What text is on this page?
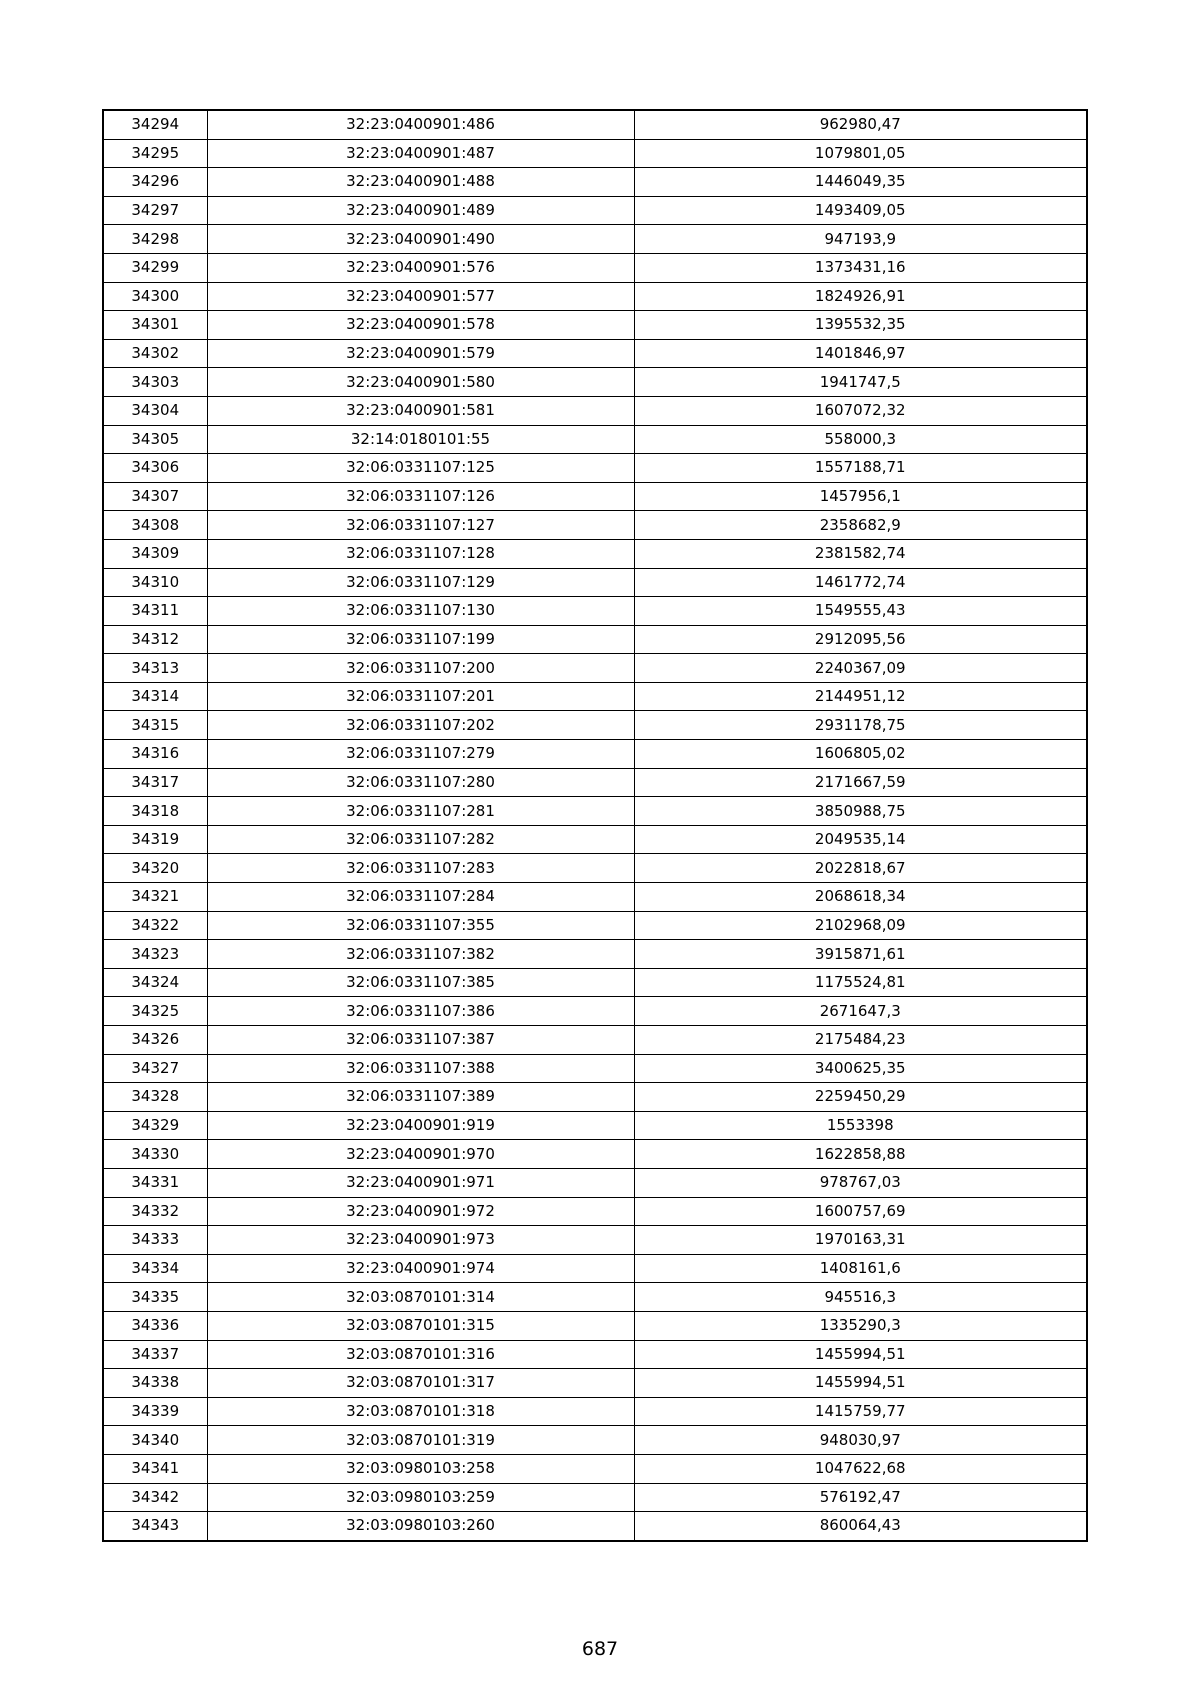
34294	32:23:0400901:486	962980,47
34295	32:23:0400901:487	1079801,05
34296	32:23:0400901:488	1446049,35
34297	32:23:0400901:489	1493409,05
34298	32:23:0400901:490	947193,9
34299	32:23:0400901:576	1373431,16
34300	32:23:0400901:577	1824926,91
34301	32:23:0400901:578	1395532,35
34302	32:23:0400901:579	1401846,97
34303	32:23:0400901:580	1941747,5
34304	32:23:0400901:581	1607072,32
34305	32:14:0180101:55	558000,3
34306	32:06:0331107:125	1557188,71
34307	32:06:0331107:126	1457956,1
34308	32:06:0331107:127	2358682,9
34309	32:06:0331107:128	2381582,74
34310	32:06:0331107:129	1461772,74
34311	32:06:0331107:130	1549555,43
34312	32:06:0331107:199	2912095,56
34313	32:06:0331107:200	2240367,09
34314	32:06:0331107:201	2144951,12
34315	32:06:0331107:202	2931178,75
34316	32:06:0331107:279	1606805,02
34317	32:06:0331107:280	2171667,59
34318	32:06:0331107:281	3850988,75
34319	32:06:0331107:282	2049535,14
34320	32:06:0331107:283	2022818,67
34321	32:06:0331107:284	2068618,34
34322	32:06:0331107:355	2102968,09
34323	32:06:0331107:382	3915871,61
34324	32:06:0331107:385	1175524,81
34325	32:06:0331107:386	2671647,3
34326	32:06:0331107:387	2175484,23
34327	32:06:0331107:388	3400625,35
34328	32:06:0331107:389	2259450,29
34329	32:23:0400901:919	1553398
34330	32:23:0400901:970	1622858,88
34331	32:23:0400901:971	978767,03
34332	32:23:0400901:972	1600757,69
34333	32:23:0400901:973	1970163,31
34334	32:23:0400901:974	1408161,6
34335	32:03:0870101:314	945516,3
34336	32:03:0870101:315	1335290,3
34337	32:03:0870101:316	1455994,51
34338	32:03:0870101:317	1455994,51
34339	32:03:0870101:318	1415759,77
34340	32:03:0870101:319	948030,97
34341	32:03:0980103:258	1047622,68
34342	32:03:0980103:259	576192,47
34343	32:03:0980103:260	860064,43
687
